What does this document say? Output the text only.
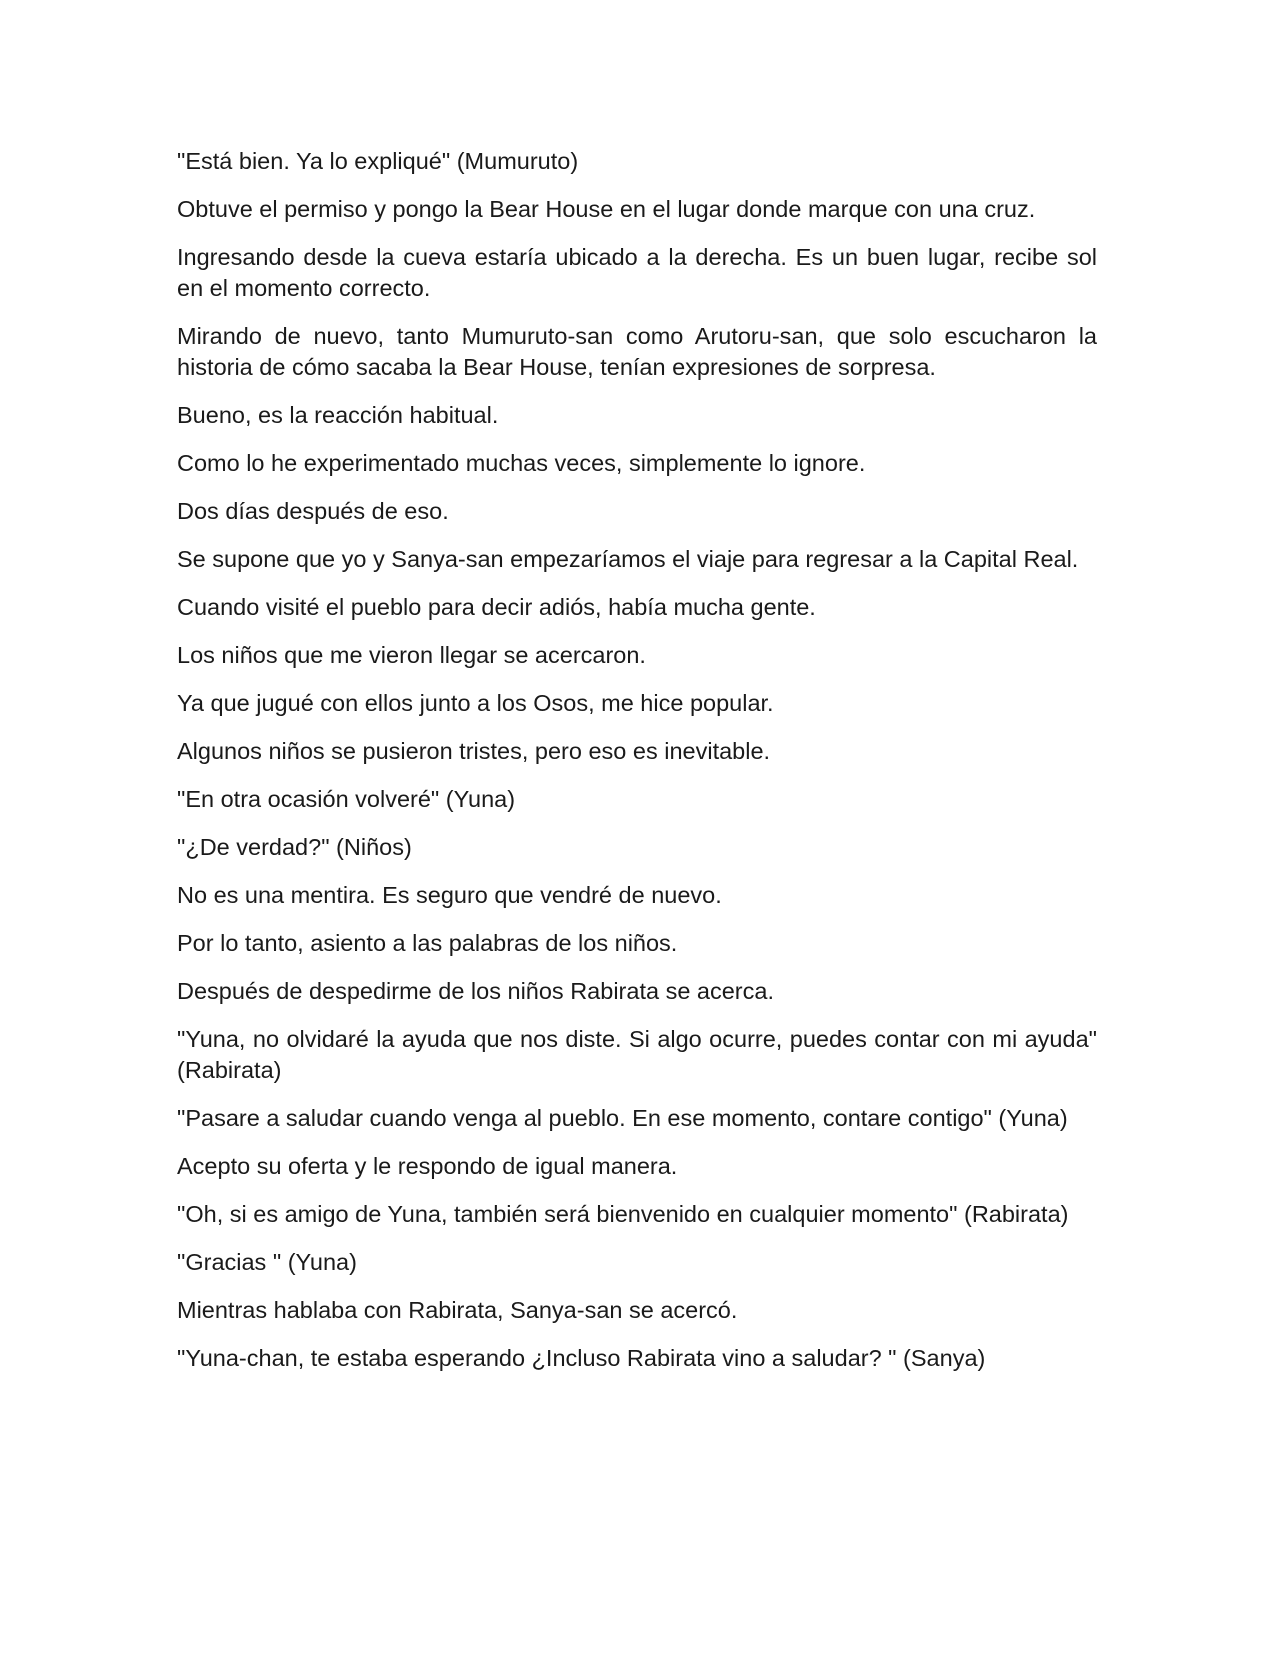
"Está bien. Ya lo expliqué" (Mumuruto)

Obtuve el permiso y pongo la Bear House en el lugar donde marque con una cruz.

Ingresando desde la cueva estaría ubicado a la derecha. Es un buen lugar, recibe sol en el momento correcto.

Mirando de nuevo, tanto Mumuruto-san como Arutoru-san, que solo escucharon la historia de cómo sacaba la Bear House, tenían expresiones de sorpresa.

Bueno, es la reacción habitual.

Como lo he experimentado muchas veces, simplemente lo ignore.

Dos días después de eso.

Se supone que yo y Sanya-san empezaríamos el viaje para regresar a la Capital Real.

Cuando visité el pueblo para decir adiós, había mucha gente.

Los niños que me vieron llegar se acercaron.

Ya que jugué con ellos junto a los Osos, me hice popular.

Algunos niños se pusieron tristes, pero eso es inevitable.

"En otra ocasión volveré" (Yuna)

"¿De verdad?" (Niños)

No es una mentira. Es seguro que vendré de nuevo.

Por lo tanto, asiento a las palabras de los niños.

Después de despedirme de los niños Rabirata se acerca.

"Yuna, no olvidaré la ayuda que nos diste. Si algo ocurre, puedes contar con mi ayuda" (Rabirata)

"Pasare a saludar cuando venga al pueblo. En ese momento, contare contigo" (Yuna)

Acepto su oferta y le respondo de igual manera.

"Oh, si es amigo de Yuna, también será bienvenido en cualquier momento" (Rabirata)

"Gracias " (Yuna)

Mientras hablaba con Rabirata, Sanya-san se acercó.

"Yuna-chan, te estaba esperando ¿Incluso Rabirata vino a saludar? " (Sanya)
